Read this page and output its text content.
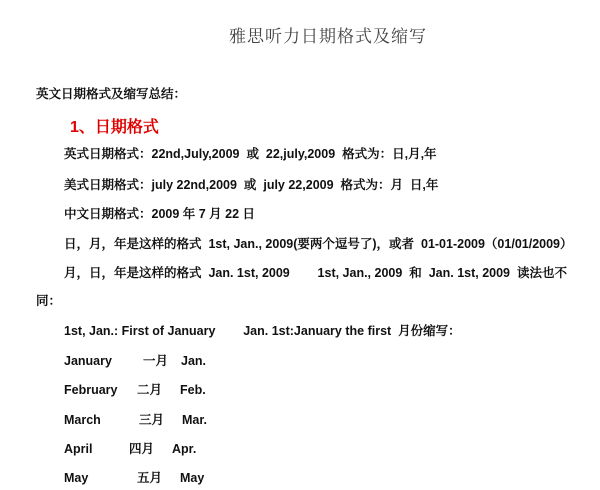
雅思听力日期格式及缩写
英文日期格式及缩写总结：
1、日期格式
英式日期格式：22nd,July,2009  或  22,july,2009  格式为：日,月,年
美式日期格式：july 22nd,2009  或  july 22,2009  格式为：月  日,年
中文日期格式：2009 年 7 月 22 日
日，月，年是这样的格式  1st, Jan., 2009(要两个逗号了)，或者  01-01-2009（01/01/2009）
月，日，年是这样的格式  Jan. 1st, 2009        1st, Jan., 2009  和  Jan. 1st, 2009  读法也不
同：
1st, Jan.: First of January        Jan. 1st:January the first  月份缩写：
January 一月 Jan.
February 二月 Feb.
March	三月 Mar.
April	四月 Apr.
May	五月 May
